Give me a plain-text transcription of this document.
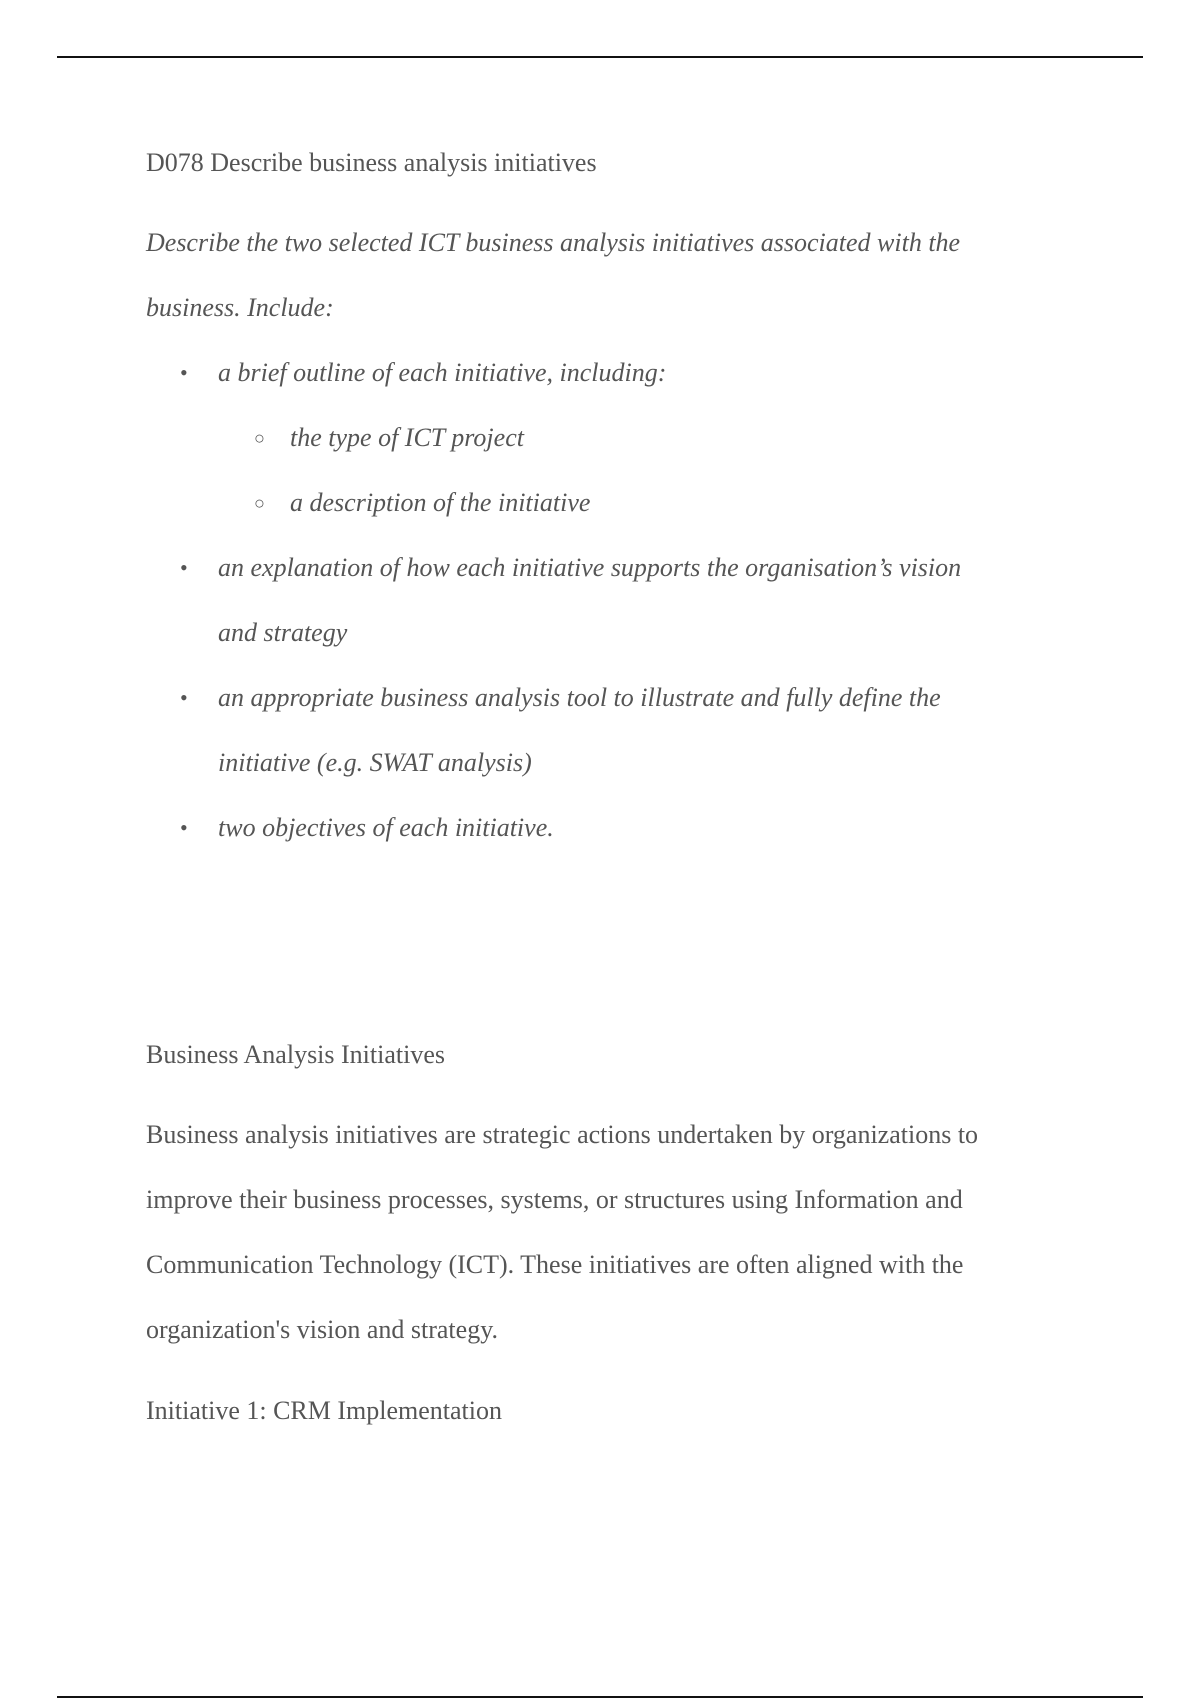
D078 Describe business analysis initiatives
Describe the two selected ICT business analysis initiatives associated with the
business. Include:
• a brief outline of each initiative, including:
○ the type of ICT project
○ a description of the initiative
• an explanation of how each initiative supports the organisation’s vision
and strategy
• an appropriate business analysis tool to illustrate and fully define the
initiative (e.g. SWAT analysis)
• two objectives of each initiative.
Business Analysis Initiatives
Business analysis initiatives are strategic actions undertaken by organizations to
improve their business processes, systems, or structures using Information and
Communication Technology (ICT). These initiatives are often aligned with the
organization's vision and strategy.
Initiative 1: CRM Implementation
